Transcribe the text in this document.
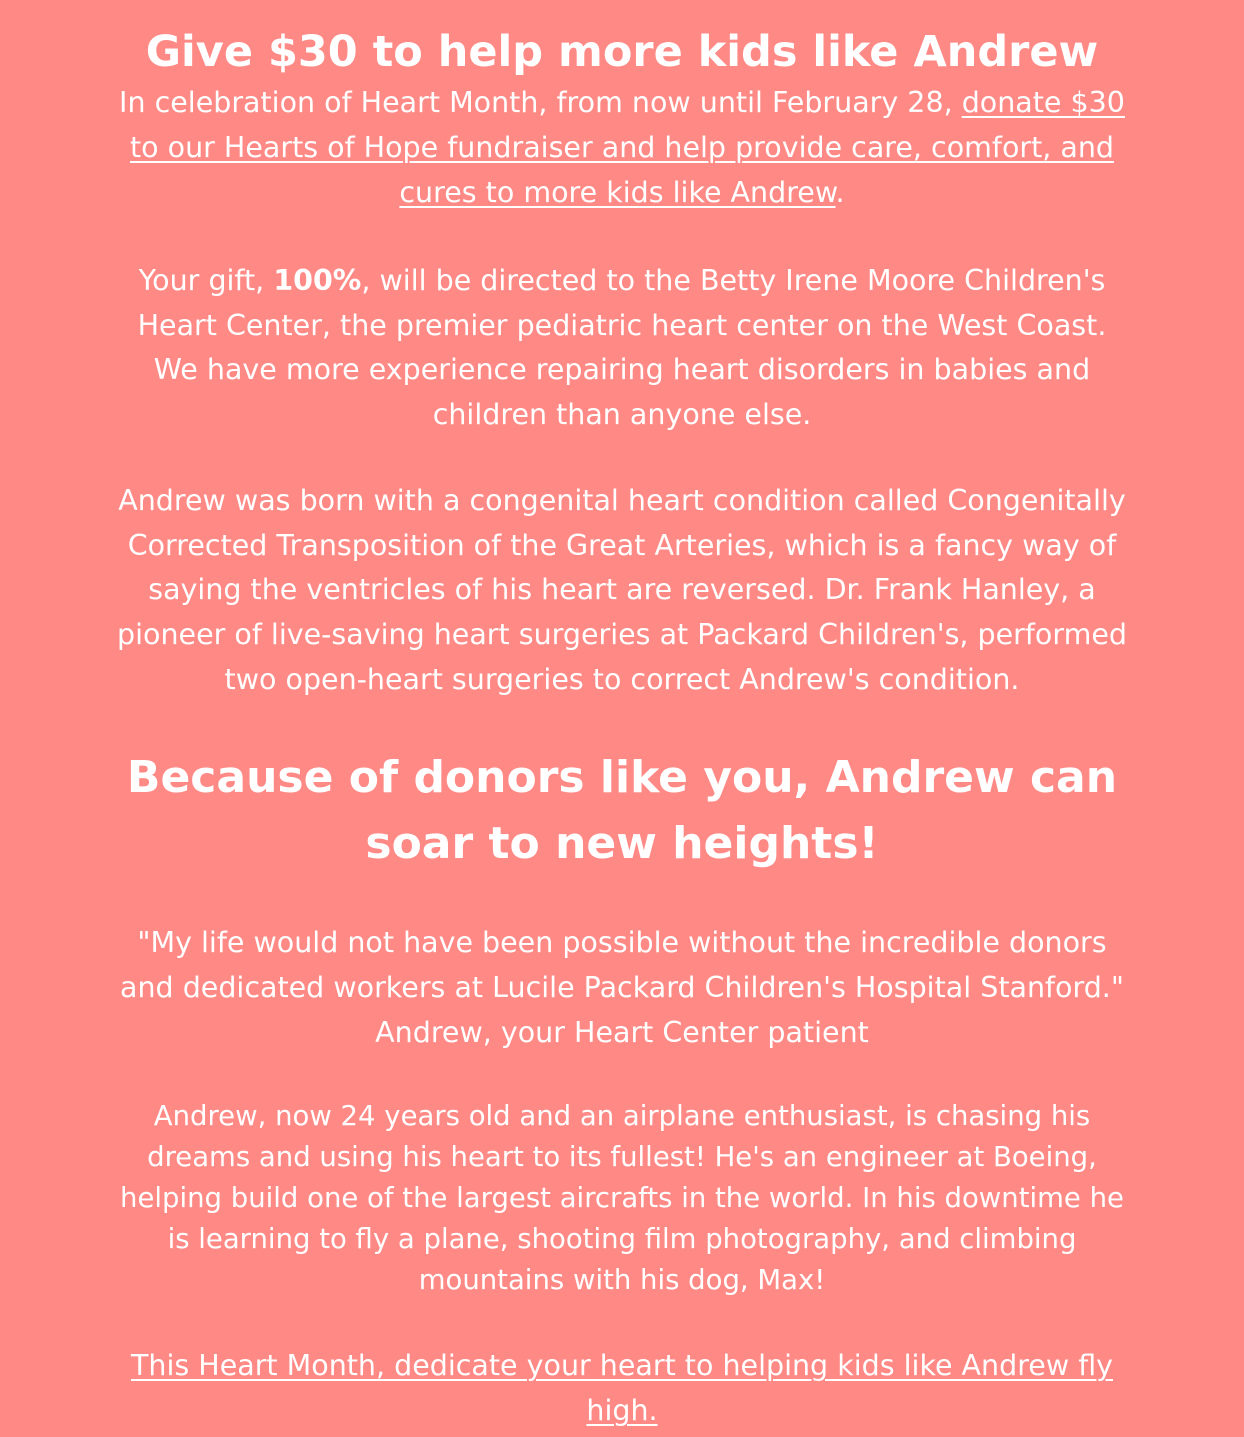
Give $30 to help more kids like Andrew

In celebration of Heart Month, from now until February 28, donate $30 to our Hearts of Hope fundraiser and help provide care, comfort, and cures to more kids like Andrew.

Your gift, 100%, will be directed to the Betty Irene Moore Children's Heart Center, the premier pediatric heart center on the West Coast. We have more experience repairing heart disorders in babies and children than anyone else.

Andrew was born with a congenital heart condition called Congenitally Corrected Transposition of the Great Arteries, which is a fancy way of saying the ventricles of his heart are reversed. Dr. Frank Hanley, a pioneer of live-saving heart surgeries at Packard Children's, performed two open-heart surgeries to correct Andrew's condition.

Because of donors like you, Andrew can soar to new heights!

"My life would not have been possible without the incredible donors and dedicated workers at Lucile Packard Children's Hospital Stanford."
Andrew, your Heart Center patient

Andrew, now 24 years old and an airplane enthusiast, is chasing his dreams and using his heart to its fullest! He's an engineer at Boeing, helping build one of the largest aircrafts in the world. In his downtime he is learning to fly a plane, shooting film photography, and climbing mountains with his dog, Max!

This Heart Month, dedicate your heart to helping kids like Andrew fly high.
